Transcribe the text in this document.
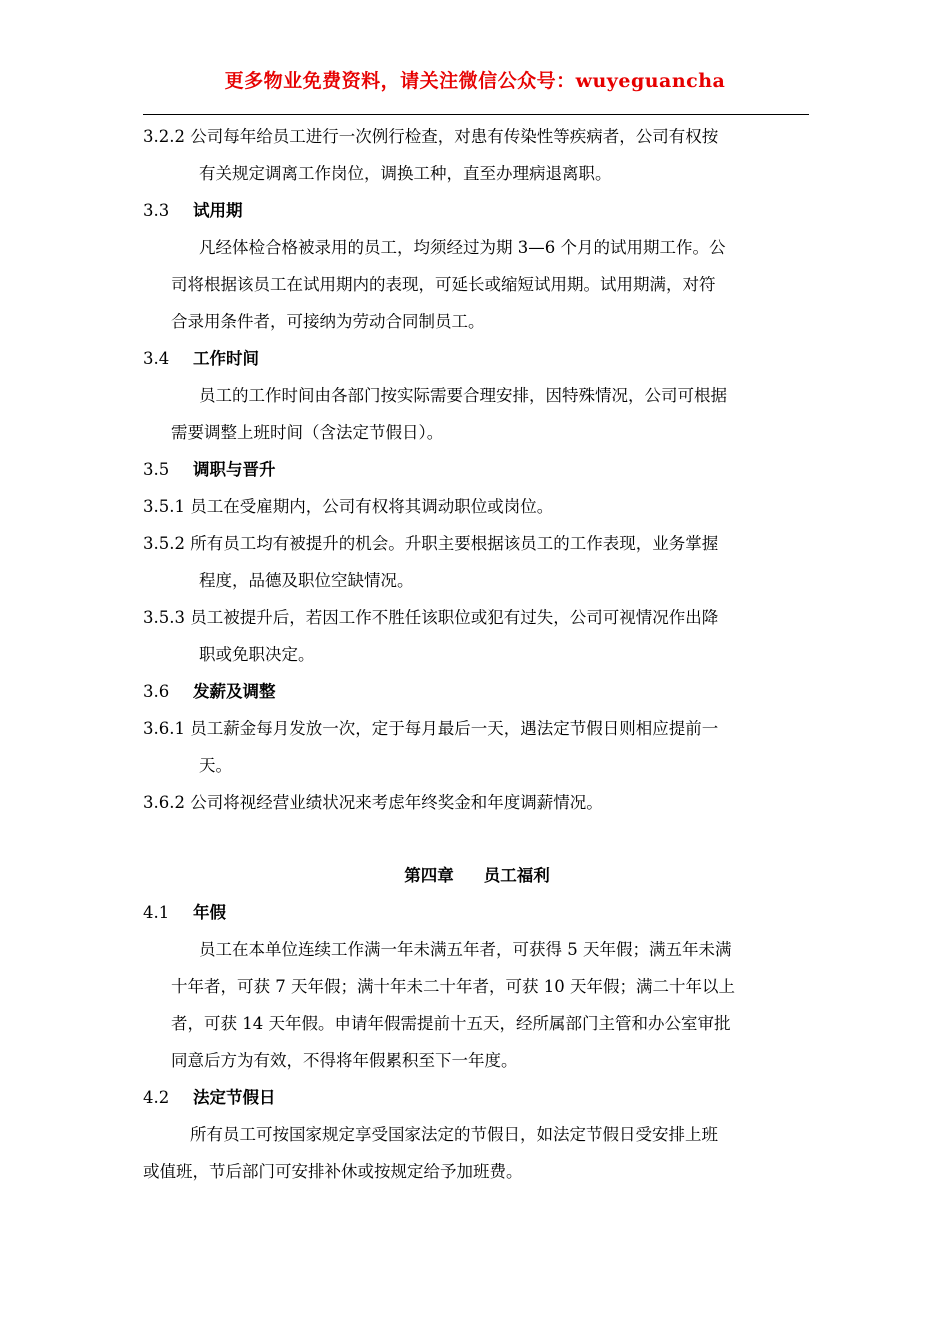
更多物业免费资料，请关注微信公众号：wuyeguancha
3.2.2 公司每年给员工进行一次例行检查，对患有传染性等疾病者，公司有权按
有关规定调离工作岗位，调换工种，直至办理病退离职。
3.3 试用期
凡经体检合格被录用的员工，均须经过为期 3—6 个月的试用期工作。公
司将根据该员工在试用期内的表现，可延长或缩短试用期。试用期满，对符
合录用条件者，可接纳为劳动合同制员工。
3.4 工作时间
员工的工作时间由各部门按实际需要合理安排，因特殊情况，公司可根据
需要调整上班时间（含法定节假日）。
3.5 调职与晋升
3.5.1 员工在受雇期内，公司有权将其调动职位或岗位。
3.5.2 所有员工均有被提升的机会。升职主要根据该员工的工作表现，业务掌握
程度，品德及职位空缺情况。
3.5.3 员工被提升后，若因工作不胜任该职位或犯有过失，公司可视情况作出降
职或免职决定。
3.6 发薪及调整
3.6.1 员工薪金每月发放一次，定于每月最后一天，遇法定节假日则相应提前一
天。
3.6.2 公司将视经营业绩状况来考虑年终奖金和年度调薪情况。
第四章 员工福利
4.1 年假
员工在本单位连续工作满一年未满五年者，可获得 5 天年假；满五年未满
十年者，可获 7 天年假；满十年未二十年者，可获 10 天年假；满二十年以上
者，可获 14 天年假。申请年假需提前十五天，经所属部门主管和办公室审批
同意后方为有效，不得将年假累积至下一年度。
4.2 法定节假日
所有员工可按国家规定享受国家法定的节假日，如法定节假日受安排上班
或值班，节后部门可安排补休或按规定给予加班费。
